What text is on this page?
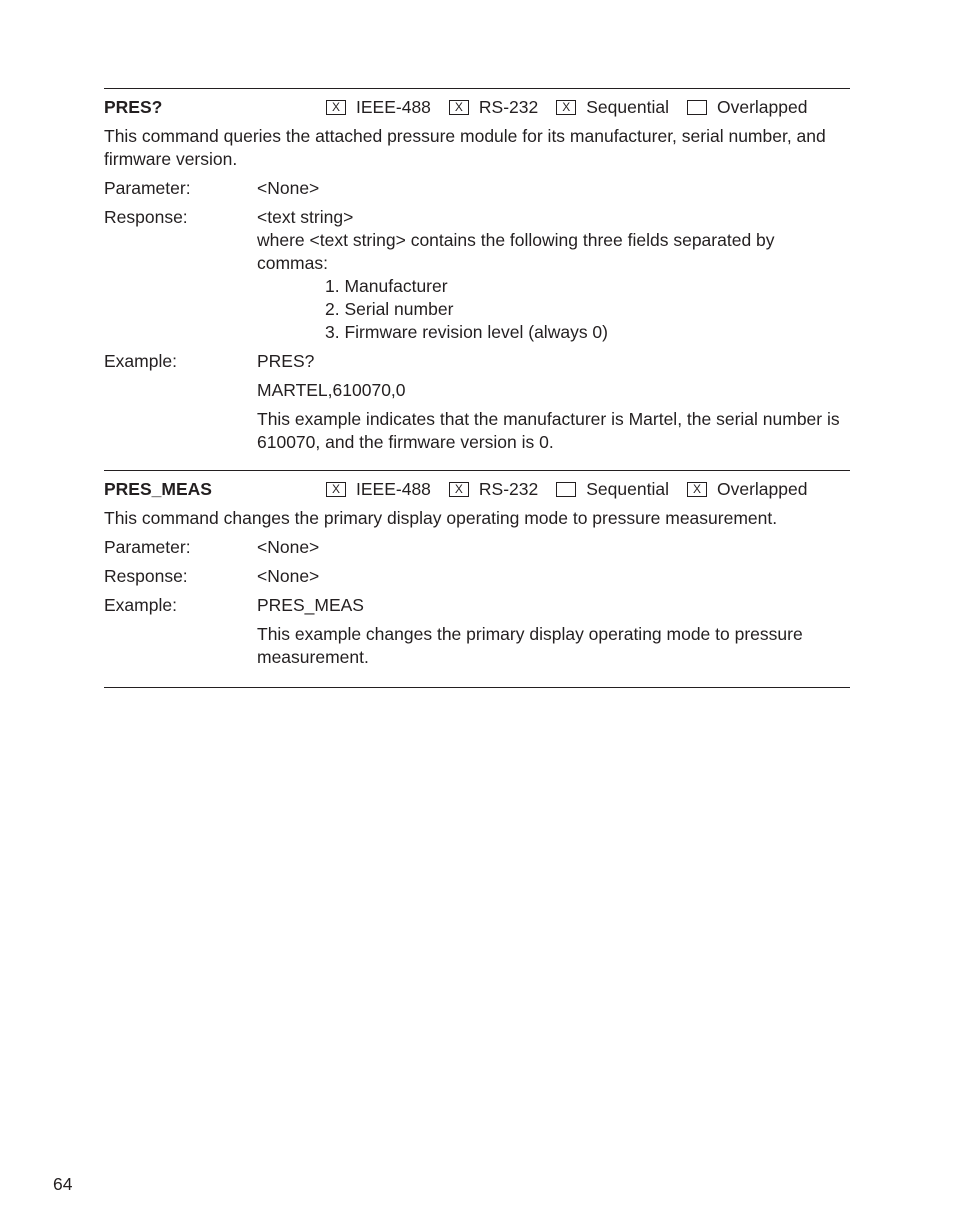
PRES?	X IEEE-488	X RS-232	X Sequential	Overlapped
This command queries the attached pressure module for its manufacturer, serial number, and firmware version.
Parameter:	<None>
Response:	<text string>
where <text string> contains the following three fields separated by commas:
1. Manufacturer
2. Serial number
3. Firmware revision level (always 0)
Example:	PRES?
MARTEL,610070,0
This example indicates that the manufacturer is Martel, the serial number is 610070, and the firmware version is 0.
PRES_MEAS	X IEEE-488	X RS-232	Sequential	X Overlapped
This command changes the primary display operating mode to pressure measurement.
Parameter:	<None>
Response:	<None>
Example:	PRES_MEAS
This example changes the primary display operating mode to pressure measurement.
64
